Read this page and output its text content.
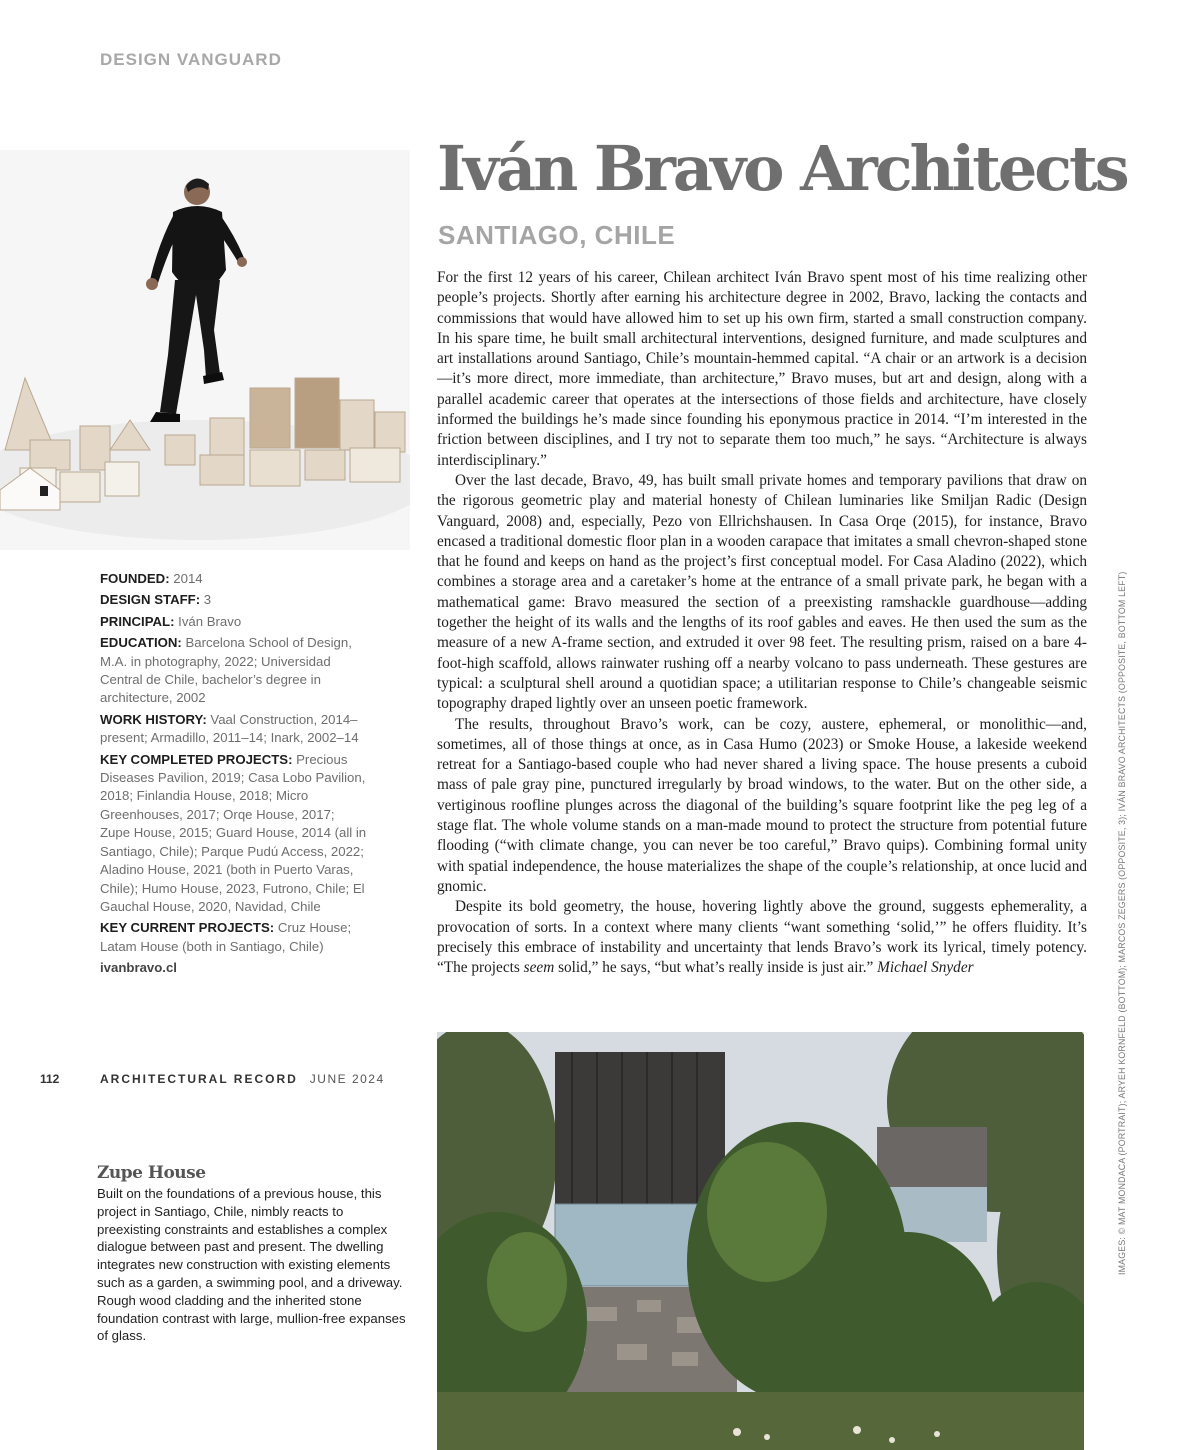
DESIGN VANGUARD
Iván Bravo Architects
SANTIAGO, CHILE

For the first 12 years of his career, Chilean architect Iván Bravo spent most of his time realizing other people’s projects. Shortly after earning his architecture degree in 2002, Bravo, lacking the contacts and commissions that would have allowed him to set up his own firm, started a small construction company. In his spare time, he built small architectural interventions, designed furniture, and made sculptures and art installations around Santiago, Chile’s mountain-hemmed capital. “A chair or an artwork is a decision—it’s more direct, more immediate, than architecture,” Bravo muses, but art and design, along with a parallel academic career that operates at the intersections of those fields and architecture, have closely informed the buildings he’s made since founding his eponymous practice in 2014. “I’m interested in the friction between disciplines, and I try not to separate them too much,” he says. “Architecture is always interdisciplinary.”

Over the last decade, Bravo, 49, has built small private homes and temporary pavilions that draw on the rigorous geometric play and material honesty of Chilean luminaries like Smiljan Radic (Design Vanguard, 2008) and, especially, Pezo von Ellrichshausen. In Casa Orqe (2015), for instance, Bravo encased a traditional domestic floor plan in a wooden carapace that imitates a small chevron-shaped stone that he found and keeps on hand as the project’s first conceptual model. For Casa Aladino (2022), which combines a storage area and a caretaker’s home at the entrance of a small private park, he began with a mathematical game: Bravo measured the section of a preexisting ramshackle guardhouse—adding together the height of its walls and the lengths of its roof gables and eaves. He then used the sum as the measure of a new A-frame section, and extruded it over 98 feet. The resulting prism, raised on a bare 4-foot-high scaffold, allows rainwater rushing off a nearby volcano to pass underneath. These gestures are typical: a sculptural shell around a quotidian space; a utilitarian response to Chile’s changeable seismic topography draped lightly over an unseen poetic framework.

The results, throughout Bravo’s work, can be cozy, austere, ephemeral, or monolithic—and, sometimes, all of those things at once, as in Casa Humo (2023) or Smoke House, a lakeside weekend retreat for a Santiago-based couple who had never shared a living space. The house presents a cuboid mass of pale gray pine, punctured irregularly by broad windows, to the water. But on the other side, a vertiginous roofline plunges across the diagonal of the building’s square footprint like the peg leg of a stage flat. The whole volume stands on a man-made mound to protect the structure from potential future flooding (“with climate change, you can never be too careful,” Bravo quips). Combining formal unity with spatial independence, the house materializes the shape of the couple’s relationship, at once lucid and gnomic.

Despite its bold geometry, the house, hovering lightly above the ground, suggests ephemerality, a provocation of sorts. In a context where many clients “want something ‘solid,’” he offers fluidity. It’s precisely this embrace of instability and uncertainty that lends Bravo’s work its lyrical, timely potency. “The projects seem solid,” he says, “but what’s really inside is just air.” Michael Snyder

FOUNDED: 2014

DESIGN STAFF: 3

PRINCIPAL: Iván Bravo

EDUCATION: Barcelona School of Design, M.A. in photography, 2022; Universidad Central de Chile, bachelor’s degree in architecture, 2002

WORK HISTORY: Vaal Construction, 2014–present; Armadillo, 2011–14; Inark, 2002–14

KEY COMPLETED PROJECTS: Precious Diseases Pavilion, 2019; Casa Lobo Pavilion, 2018; Finlandia House, 2018; Micro Greenhouses, 2017; Orqe House, 2017; Zupe House, 2015; Guard House, 2014 (all in Santiago, Chile); Parque Pudú Access, 2022; Aladino House, 2021 (both in Puerto Varas, Chile); Humo House, 2023, Futrono, Chile; El Gauchal House, 2020, Navidad, Chile

KEY CURRENT PROJECTS: Cruz House; Latam House (both in Santiago, Chile)

ivanbravo.cl
Zupe House

Built on the foundations of a previous house, this project in Santiago, Chile, nimbly reacts to preexisting constraints and establishes a complex dialogue between past and present. The dwelling integrates new construction with existing elements such as a garden, a swimming pool, and a driveway. Rough wood cladding and the inherited stone foundation contrast with large, mullion-free expanses of glass.

IMAGES: © MAT MONDACA (PORTRAIT); ARYEH KORNFELD (BOTTOM); MARCOS ZEGERS (OPPOSITE, 3); IVÁN BRAVO ARCHITECTS (OPPOSITE, BOTTOM LEFT)
112	ARCHITECTURAL RECORD JUNE 2024
